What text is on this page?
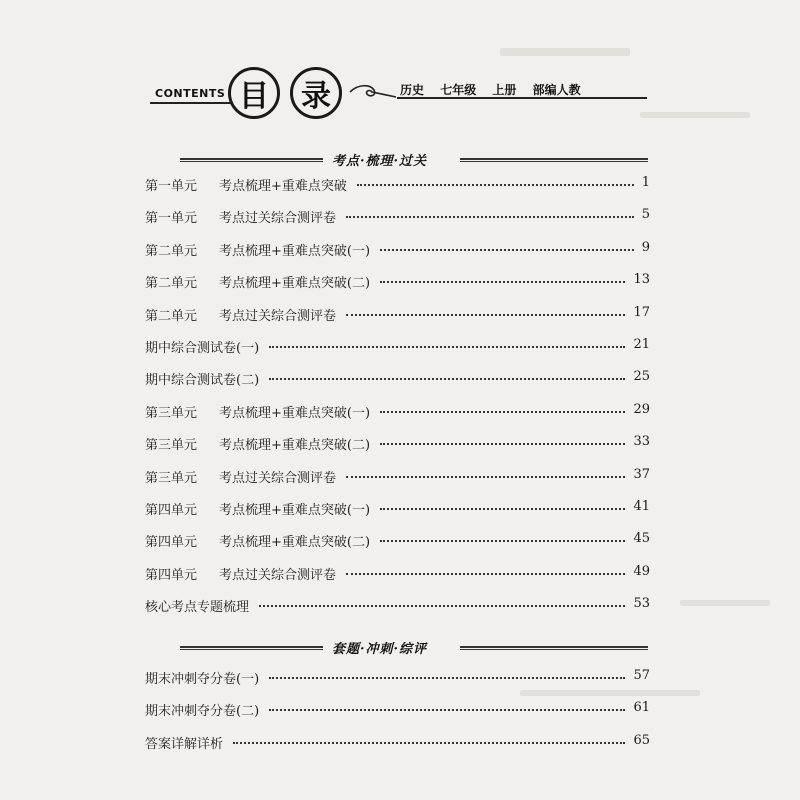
CONTENTS 目	录	历史 七年级 上册 部编人教
考点·梳理·过关
第一单元 考点梳理+重难点突破	1
第一单元 考点过关综合测评卷	5
第二单元 考点梳理+重难点突破(一)	9
第二单元 考点梳理+重难点突破(二)	13
第二单元 考点过关综合测评卷	17
期中综合测试卷(一)	21
期中综合测试卷(二)	25
第三单元 考点梳理+重难点突破(一)	29
第三单元 考点梳理+重难点突破(二)	33
第三单元 考点过关综合测评卷	37
第四单元 考点梳理+重难点突破(一)	41
第四单元 考点梳理+重难点突破(二)	45
第四单元 考点过关综合测评卷	49
核心考点专题梳理	53
套题·冲刺·综评
期末冲刺夺分卷(一)	57
期末冲刺夺分卷(二)	61
答案详解详析	65
